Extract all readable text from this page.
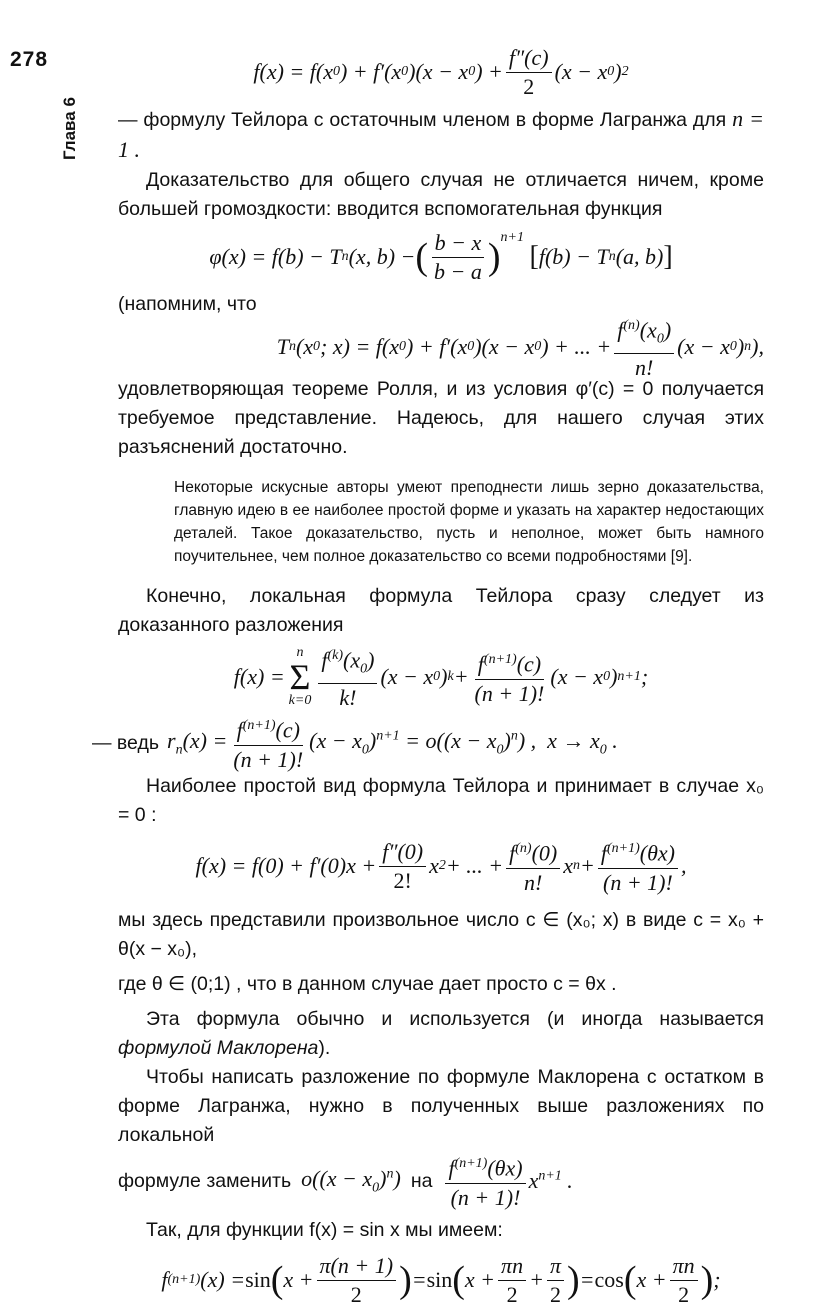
278
Глава 6
f(x) = f(x 0 ) + f′(x 0 )(x − x 0 ) + $\frac{f''(c)}{2} (x - x$ 0 ) 2

— формулу Тейлора с остаточным членом в форме Лагранжа для n = 1 .

Доказательство для общего случая не отличается ничем, кроме большей громоздкости: вводится вспомогательная функция

φ(x) = f(b) − T n (x, b) − ( $\frac{b - x}{b - a} )^{n+1}$

[ f(b) − T n (a, b) ]

(напомним, что

T n (x 0 ; x) = f(x 0 ) + f′(x 0 )(x − x 0 ) + ... + $\frac{f^{(n)}(x_0)}{n!} (x - x$ 0 ) n ),

удовлетворяющая теореме Ролля, и из условия φ′(c) = 0 получается требуемое представление. Надеюсь, для нашего случая этих разъяснений достаточно.

Некоторые искусные авторы умеют преподнести лишь зерно доказательства, главную идею в ее наиболее простой форме и указать на характер недостающих деталей. Такое доказательство, пусть и неполное, может быть намного поучительнее, чем полное доказательство со всеми подробностями [9].

Конечно, локальная формула Тейлора сразу следует из доказанного разложения

f(x) =
n
Σ
$k=0 \frac{f^{(k)}(x_0)}{k!} (x - x$ 0 ) $k + \frac{f^{(n+1)}(c)}{(n + 1)!} (x - x$ 0 ) n+1 ;
— ведь $r_n(x) = \frac{f^{(n+1)}(c)}{(n + 1)!} (x - x_0)^{n+1} = o((x - x_0)^n)$ ,  $x \to x_0$ .

Наиболее простой вид формула Тейлора и принимает в случае x₀ = 0 :

$f(x) = f(0) + f'(0)x + \frac{f''(0)}{2!}$ x 2 + ... + $\frac{f^{(n)}(0)}{n!}$ x $n + \frac{f^{(n+1)}(\theta x)}{(n + 1)!}$ ,

мы здесь представили произвольное число c ∈ (x₀; x) в виде c = x₀ + θ(x − x₀),

где θ ∈ (0;1) , что в данном случае дает просто c = θx .

Эта формула обычно и используется (и иногда называется формулой Маклорена).

Чтобы написать разложение по формуле Маклорена с остатком в форме Лагранжа, нужно в полученных выше разложениях по локальной

формуле заменить $o((x - x_0)^n)$ на $\frac{f^{(n+1)}(\theta x)}{(n + 1)!} x^{n+1}$ .

Так, для функции f(x) = sin x мы имеем:

f (n+1) (x) = sin ( $x + \frac{\pi(n + 1)}{2}$ ) = sin ( $x + \frac{\pi n}{2} + \frac{\pi}{2}$ ) = cos ( $x + \frac{\pi n}{2}$ ) ;
